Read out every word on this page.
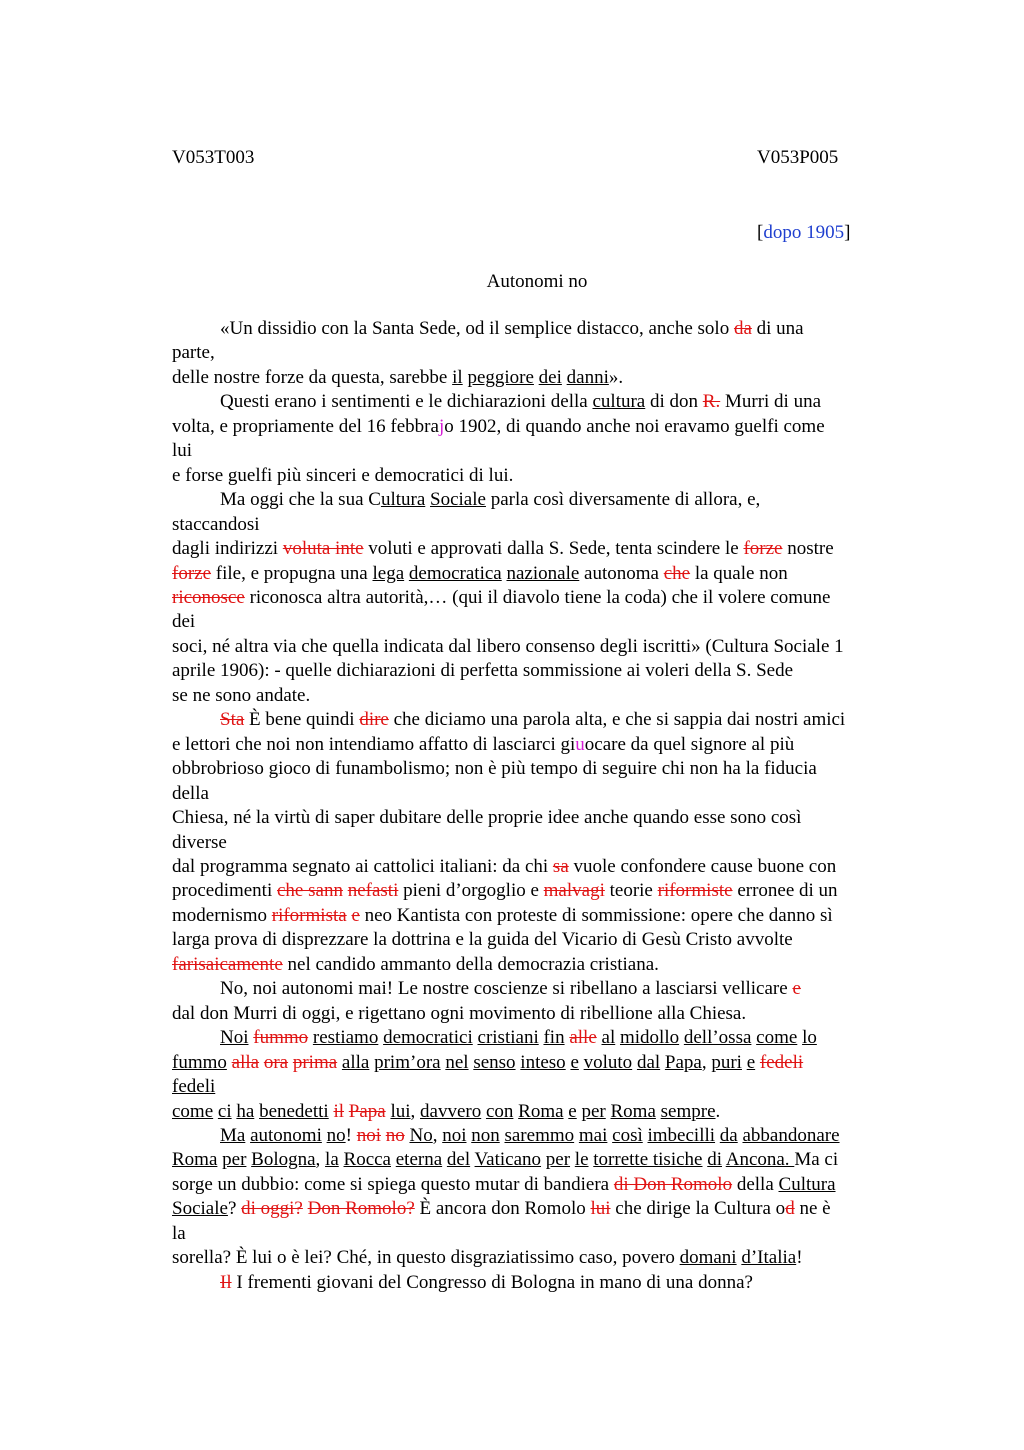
V053T003	V053P005
[dopo 1905]
Autonomi no
«Un dissidio con la Santa Sede, od il semplice distacco, anche solo da di una
parte,
delle nostre forze da questa, sarebbe il peggiore dei danni».
Questi erano i sentimenti e le dichiarazioni della cultura di don R. Murri di una
volta, e propriamente del 16 febbrajo 1902, di quando anche noi eravamo guelfi come
lui
e forse guelfi più sinceri e democratici di lui.
Ma oggi che la sua Cultura Sociale parla così diversamente di allora, e,
staccandosi
dagli indirizzi voluta inte voluti e approvati dalla S. Sede, tenta scindere le forze nostre
forze file, e propugna una lega democratica nazionale autonoma che la quale non
riconosce riconosca altra autorità,… (qui il diavolo tiene la coda) che il volere comune
dei
soci, né altra via che quella indicata dal libero consenso degli iscritti» (Cultura Sociale 1
aprile 1906): - quelle dichiarazioni di perfetta sommissione ai voleri della S. Sede
se ne sono andate.
Sta È bene quindi dire che diciamo una parola alta, e che si sappia dai nostri amici
e lettori che noi non intendiamo affatto di lasciarci giuocare da quel signore al più
obbrobrioso gioco di funambolismo; non è più tempo di seguire chi non ha la fiducia
della
Chiesa, né la virtù di saper dubitare delle proprie idee anche quando esse sono così
diverse
dal programma segnato ai cattolici italiani: da chi sa vuole confondere cause buone con
procedimenti che sann nefasti pieni d’orgoglio e malvagi teorie riformiste erronee di un
modernismo riformista e neo Kantista con proteste di sommissione: opere che danno sì
larga prova di disprezzare la dottrina e la guida del Vicario di Gesù Cristo avvolte
farisaicamente nel candido ammanto della democrazia cristiana.
No, noi autonomi mai! Le nostre coscienze si ribellano a lasciarsi vellicare e
dal don Murri di oggi, e rigettano ogni movimento di ribellione alla Chiesa.
Noi fummo restiamo democratici cristiani fin alle al midollo dell’ossa come lo
fummo alla ora prima alla prim’ora nel senso inteso e voluto dal Papa, puri e fedeli
fedeli
come ci ha benedetti il Papa lui, davvero con Roma e per Roma sempre.
Ma autonomi no! noi no No, noi non saremmo mai così imbecilli da abbandonare
Roma per Bologna, la Rocca eterna del Vaticano per le torrette tisiche di Ancona. Ma ci
sorge un dubbio: come si spiega questo mutar di bandiera di Don Romolo della Cultura
Sociale? di oggi? Don Romolo? È ancora don Romolo lui che dirige la Cultura od ne è
la
sorella? È lui o è lei? Ché, in questo disgraziatissimo caso, povero domani d’Italia!
Il I frementi giovani del Congresso di Bologna in mano di una donna?
